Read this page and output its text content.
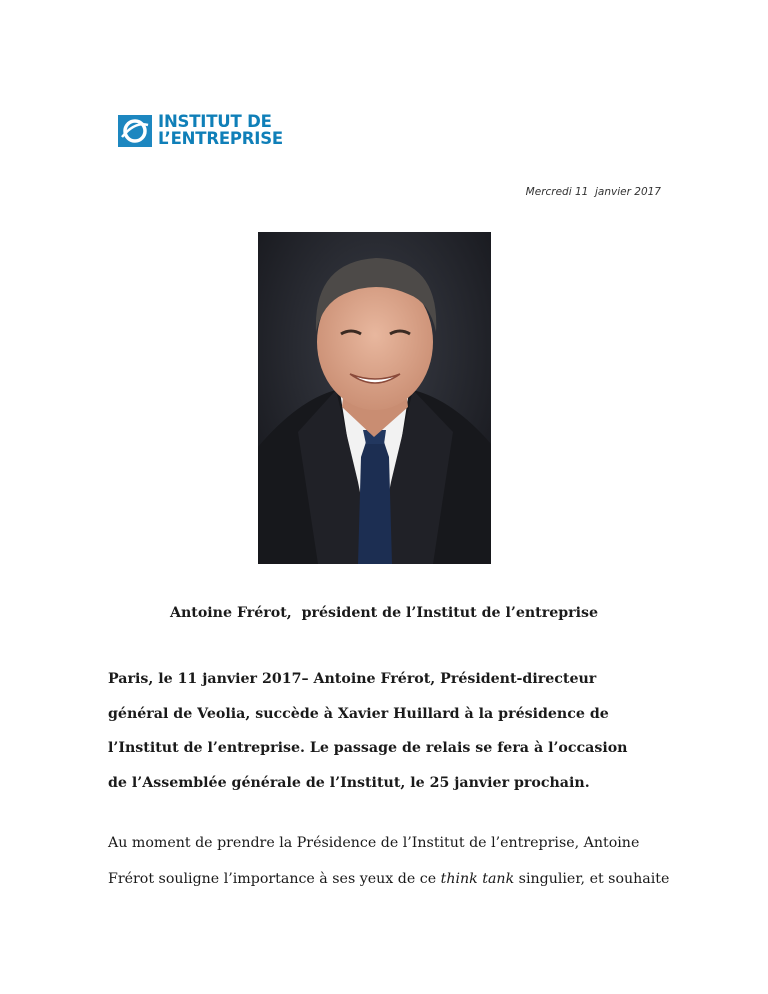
INSTITUT DE
L’ENTREPRISE
Mercredi 11  janvier 2017
Antoine Frérot,  président de l’Institut de l’entreprise
Paris, le 11 janvier 2017– Antoine Frérot, Président-directeur
général de Veolia, succède à Xavier Huillard à la présidence de
l’Institut de l’entreprise. Le passage de relais se fera à l’occasion
de l’Assemblée générale de l’Institut, le 25 janvier prochain.
Au moment de prendre la Présidence de l’Institut de l’entreprise, Antoine
Frérot souligne l’importance à ses yeux de ce think tank singulier, et souhaite
